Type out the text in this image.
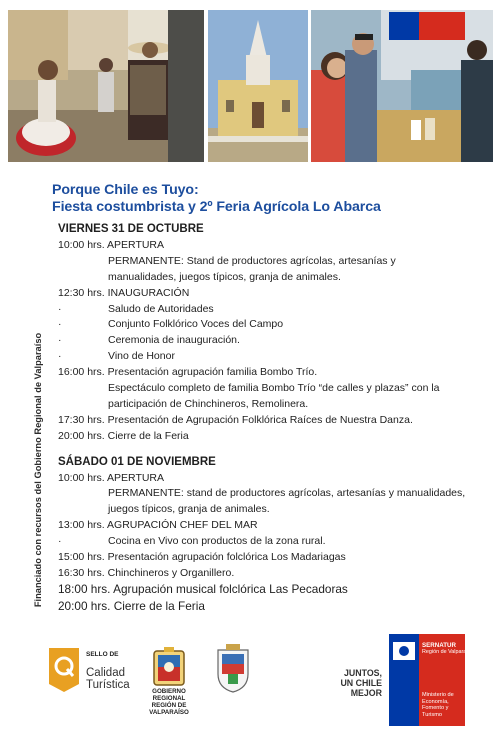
Porque Chile es Tuyo:
Fiesta costumbrista y 2º Feria Agrícola Lo Abarca
VIERNES 31 DE OCTUBRE
10:00 hrs. APERTURA
PERMANENTE: Stand de productores agrícolas, artesanías y
manualidades, juegos típicos, granja de animales.
12:30 hrs. INAUGURACIÓN
·	Saludo de Autoridades
·	Conjunto Folklórico Voces del Campo
·	Ceremonia de inauguración.
·	Vino de Honor
16:00 hrs. Presentación agrupación familia Bombo Trío.
Espectáculo completo de familia Bombo Trío “de calles y plazas” con la
participación de Chinchineros, Remolinera.
17:30 hrs. Presentación de Agrupación Folklórica Raíces de Nuestra Danza.
20:00 hrs. Cierre de la Feria
SÁBADO 01 DE NOVIEMBRE
10:00 hrs. APERTURA
PERMANENTE: stand de productores agrícolas, artesanías y manualidades,
juegos típicos, granja de animales.
13:00 hrs. AGRUPACIÓN CHEF DEL MAR
·	Cocina en Vivo con productos de la zona rural.
15:00 hrs. Presentación agrupación folclórica Los Madariagas
16:30 hrs. Chinchineros y Organillero.
18:00 hrs. Agrupación musical folclórica Las Pecadoras
20:00 hrs. Cierre de la Feria
Financiado con recursos del Gobierno Regional de Valparaíso
SELLO DE
Calidad
Turística
GOBIERNO REGIONAL
REGIÓN DE VALPARAÍSO
JUNTOS,
UN CHILE
MEJOR
SERNATUR
Región de Valparaíso
Ministerio de Economía, Fomento y Turismo
